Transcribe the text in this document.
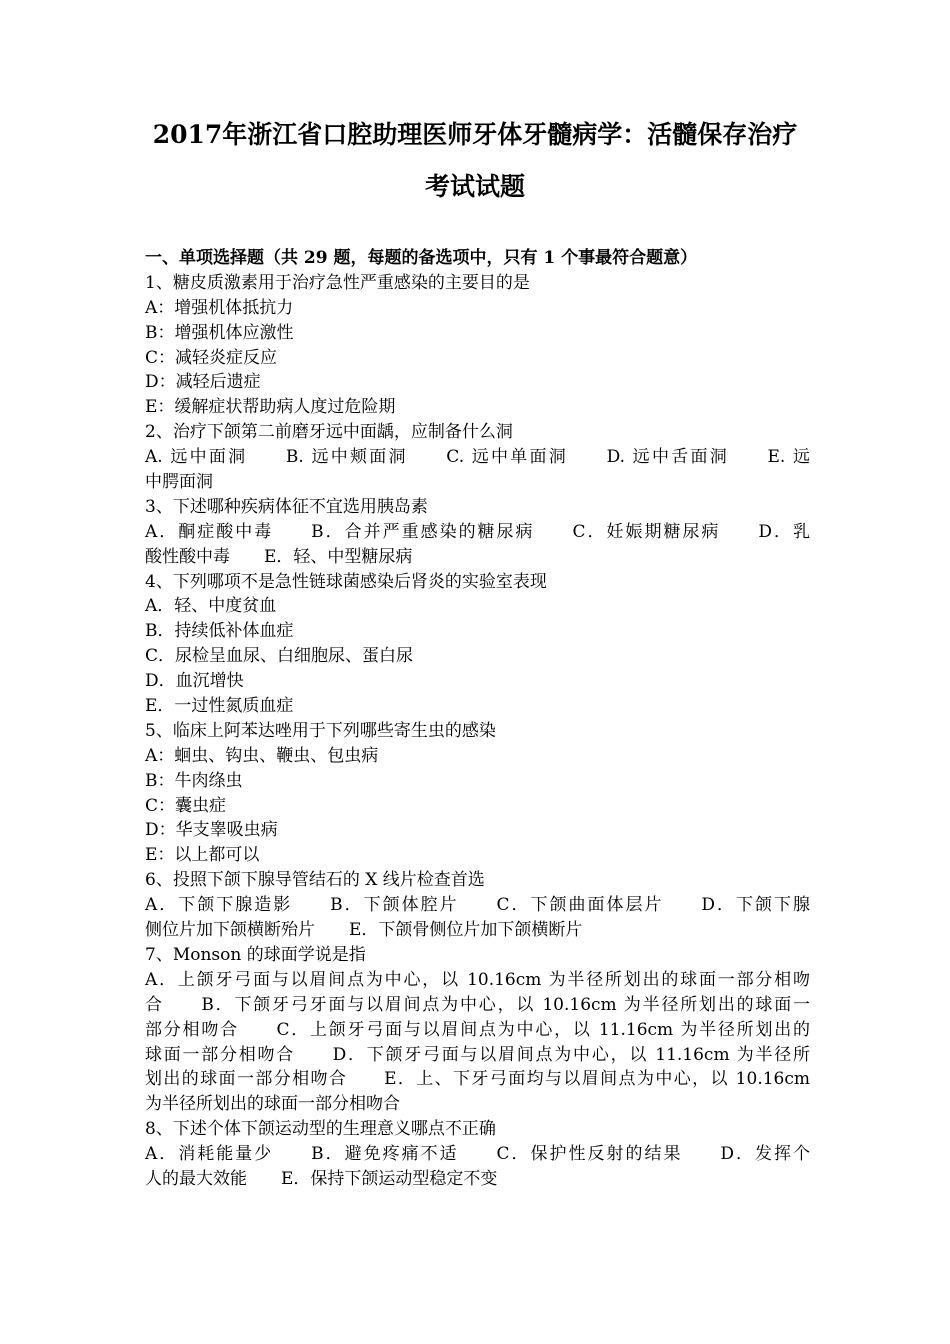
2017年浙江省口腔助理医师牙体牙髓病学：活髓保存治疗
考试试题
一、单项选择题（共 29 题，每题的备选项中，只有 1 个事最符合题意）
1、糖皮质激素用于治疗急性严重感染的主要目的是
A：增强机体抵抗力
B：增强机体应激性
C：减轻炎症反应
D：减轻后遗症
E：缓解症状帮助病人度过危险期
2、治疗下颌第二前磨牙远中面龋，应制备什么洞
A. 远中面洞　　B. 远中颊面洞　　C. 远中单面洞　　D. 远中舌面洞　　E. 远
中腭面洞
3、下述哪种疾病体征不宜选用胰岛素
A．酮症酸中毒　　B．合并严重感染的糖尿病　　C．妊娠期糖尿病　　D．乳
酸性酸中毒　　E．轻、中型糖尿病
4、下列哪项不是急性链球菌感染后肾炎的实验室表现
A．轻、中度贫血
B．持续低补体血症
C．尿检呈血尿、白细胞尿、蛋白尿
D．血沉增快
E．一过性氮质血症
5、临床上阿苯达唑用于下列哪些寄生虫的感染
A：蛔虫、钩虫、鞭虫、包虫病
B：牛肉绦虫
C：囊虫症
D：华支睾吸虫病
E：以上都可以
6、投照下颌下腺导管结石的 X 线片检查首选
A．下颌下腺造影　　B．下颌体腔片　　C．下颌曲面体层片　　D．下颌下腺
侧位片加下颌横断殆片　　E．下颌骨侧位片加下颌横断片
7、Monson 的球面学说是指
A．上颌牙弓面与以眉间点为中心，以 10.16cm 为半径所划出的球面一部分相吻
合　　B．下颌牙弓牙面与以眉间点为中心，以 10.16cm 为半径所划出的球面一
部分相吻合　　C．上颌牙弓面与以眉间点为中心，以 11.16cm 为半径所划出的
球面一部分相吻合　　D．下颌牙弓面与以眉间点为中心，以 11.16cm 为半径所
划出的球面一部分相吻合　　E．上、下牙弓面均与以眉间点为中心，以 10.16cm
为半径所划出的球面一部分相吻合
8、下述个体下颌运动型的生理意义哪点不正确
A．消耗能量少　　B．避免疼痛不适　　C．保护性反射的结果　　D．发挥个
人的最大效能　　E．保持下颌运动型稳定不变
